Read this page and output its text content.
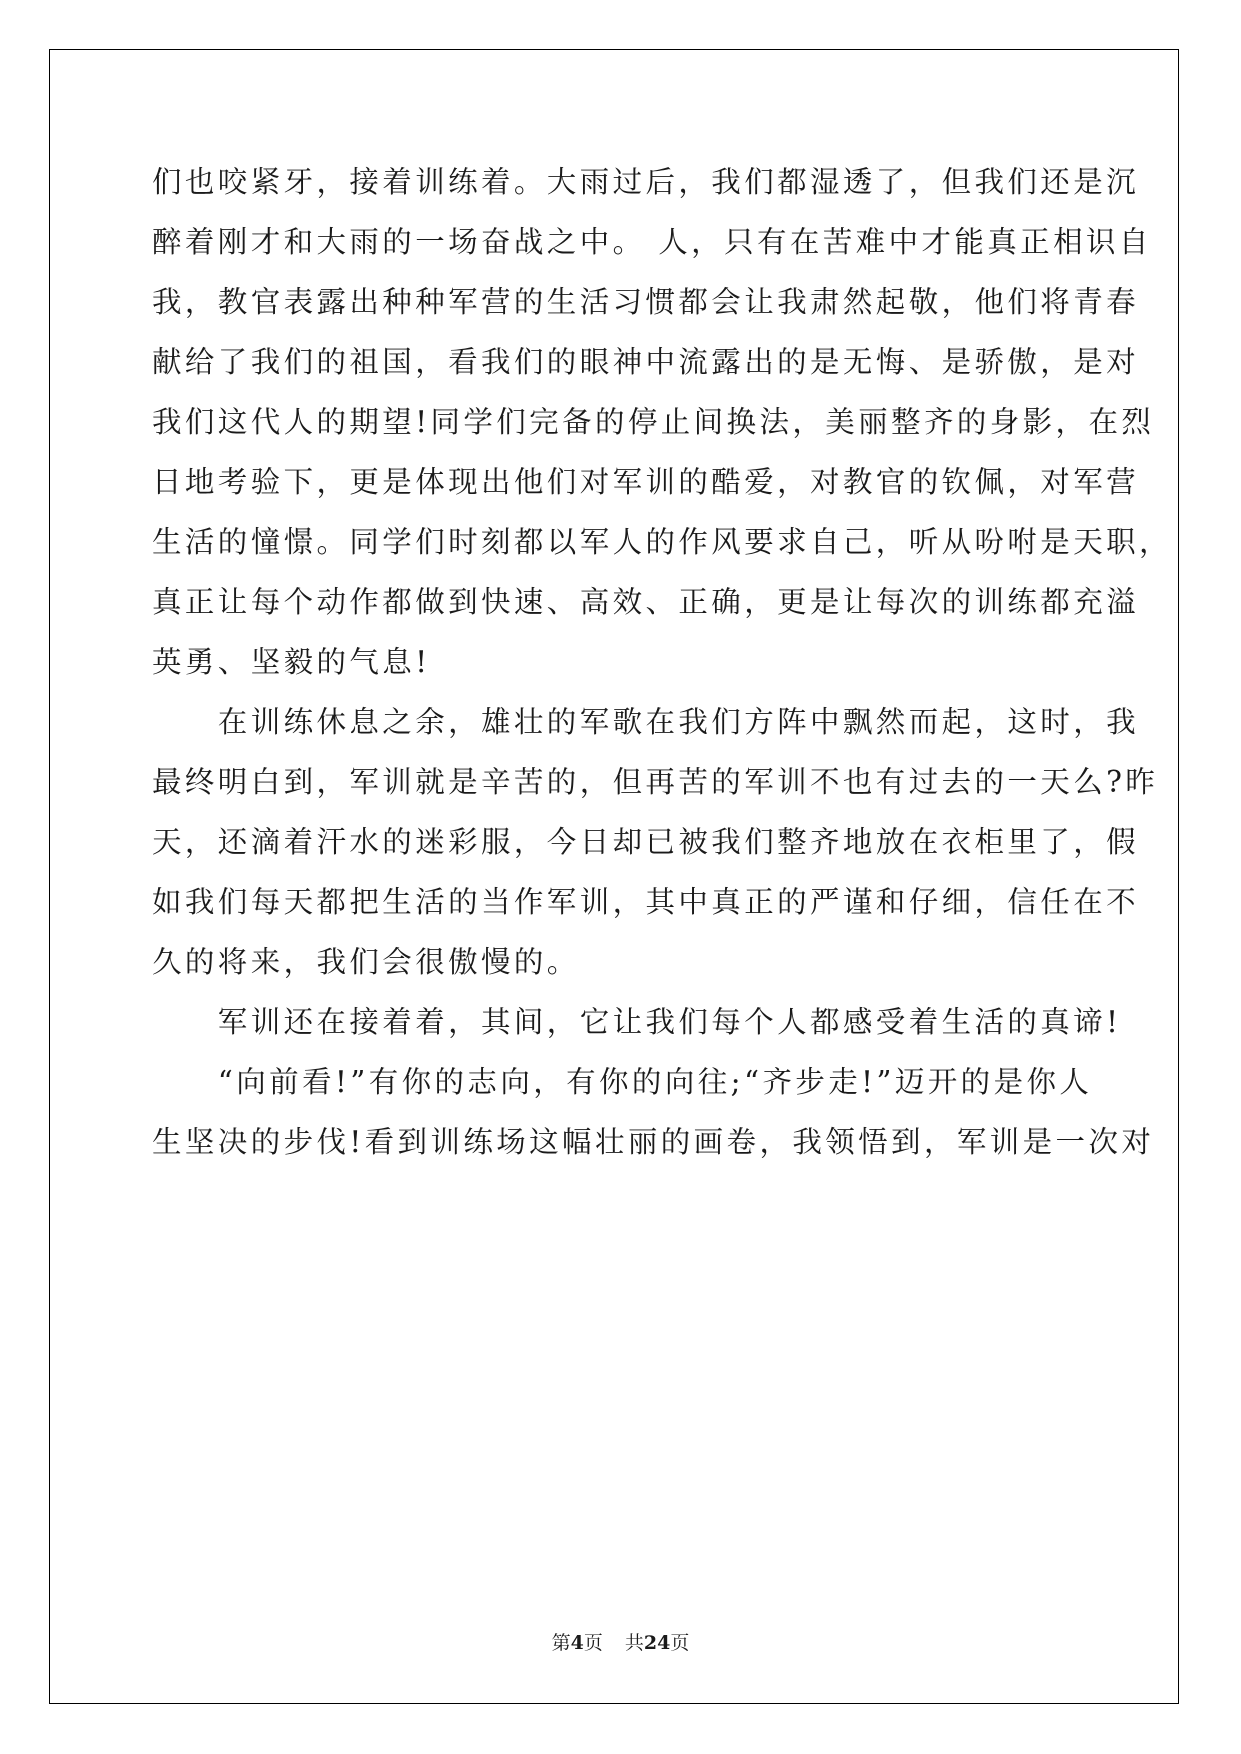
们也咬紧牙，接着训练着。大雨过后，我们都湿透了，但我们还是沉
醉着刚才和大雨的一场奋战之中。 人，只有在苦难中才能真正相识自
我，教官表露出种种军营的生活习惯都会让我肃然起敬，他们将青春
献给了我们的祖国，看我们的眼神中流露出的是无悔、是骄傲，是对
我们这代人的期望!同学们完备的停止间换法，美丽整齐的身影，在烈
日地考验下，更是体现出他们对军训的酷爱，对教官的钦佩，对军营
生活的憧憬。同学们时刻都以军人的作风要求自己，听从吩咐是天职，
真正让每个动作都做到快速、高效、正确，更是让每次的训练都充溢
英勇、坚毅的气息!
　　在训练休息之余，雄壮的军歌在我们方阵中飘然而起，这时，我
最终明白到，军训就是辛苦的，但再苦的军训不也有过去的一天么?昨
天，还滴着汗水的迷彩服，今日却已被我们整齐地放在衣柜里了，假
如我们每天都把生活的当作军训，其中真正的严谨和仔细，信任在不
久的将来，我们会很傲慢的。
　　军训还在接着着，其间，它让我们每个人都感受着生活的真谛!
　　“向前看!”有你的志向，有你的向往;“齐步走!”迈开的是你人
生坚决的步伐!看到训练场这幅壮丽的画卷，我领悟到，军训是一次对
第4页 共24页
